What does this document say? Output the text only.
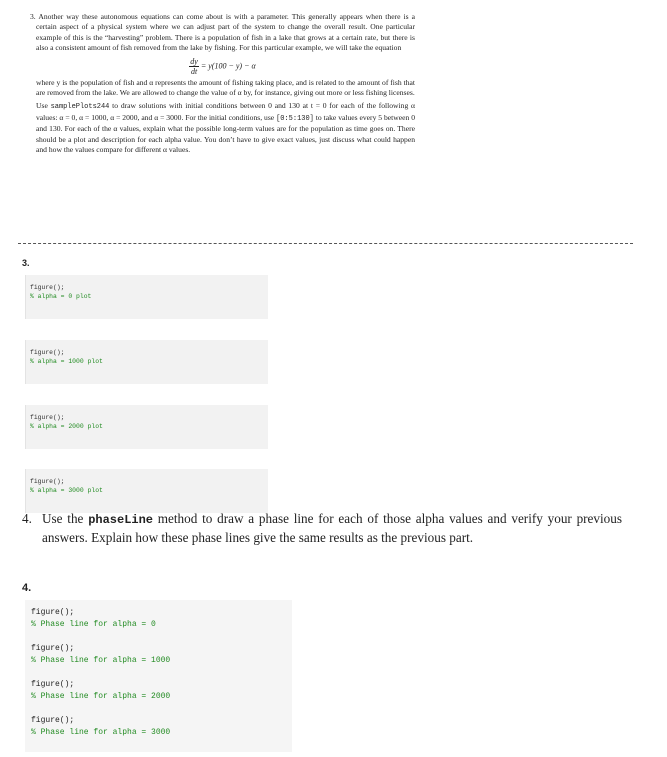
3. Another way these autonomous equations can come about is with a parameter. This generally appears when there is a certain aspect of a physical system where we can adjust part of the system to change the overall result. One particular example of this is the “harvesting” problem. There is a population of fish in a lake that grows at a certain rate, but there is also a consistent amount of fish removed from the lake by fishing. For this particular example, we will take the equation

$\frac{dy}{dt} = y(100 - y) - \alpha$

where y is the population of fish and α represents the amount of fishing taking place, and is related to the amount of fish that are removed from the lake. We are allowed to change the value of α by, for instance, giving out more or less fishing licenses.

Use samplePlots244 to draw solutions with initial conditions between 0 and 130 at t = 0 for each of the following α values: α = 0, α = 1000, α = 2000, and α = 3000. For the initial conditions, use [0:5:130] to take values every 5 between 0 and 130. For each of the α values, explain what the possible long-term values are for the population as time goes on. There should be a plot and description for each alpha value. You don’t have to give exact values, just discuss what could happen and how the values compare for different α values.

3.
figure();
% alpha = 0 plot
figure();
% alpha = 1000 plot
figure();
% alpha = 2000 plot
figure();
% alpha = 3000 plot
4. Use the phaseLine method to draw a phase line for each of those alpha values and verify your previous answers. Explain how these phase lines give the same results as the previous part.
4.
figure();
% Phase line for alpha = 0

figure();
% Phase line for alpha = 1000

figure();
% Phase line for alpha = 2000

figure();
% Phase line for alpha = 3000
